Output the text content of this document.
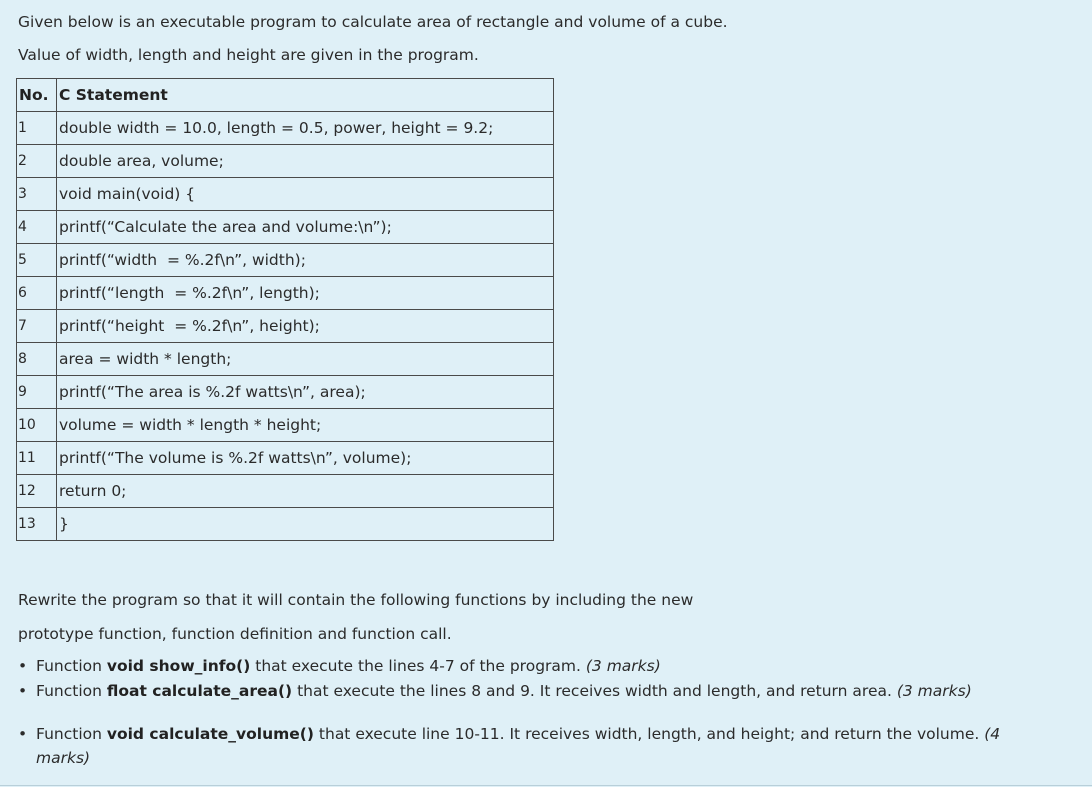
Given below is an executable program to calculate area of rectangle and volume of a cube.
Value of width, length and height are given in the program.
No.	C Statement
1	double width = 10.0, length = 0.5, power, height = 9.2;
2	double area, volume;
3	void main(void) {
4	printf(“Calculate the area and volume:\n”);
5	printf(“width  = %.2f\n”, width);
6	printf(“length  = %.2f\n”, length);
7	printf(“height  = %.2f\n”, height);
8	area = width * length;
9	printf(“The area is %.2f watts\n”, area);
10	volume = width * length * height;
11	printf(“The volume is %.2f watts\n”, volume);
12	return 0;
13	}
Rewrite the program so that it will contain the following functions by including the new
prototype function, function definition and function call.
• Function void show_info() that execute the lines 4-7 of the program. (3 marks)
• Function float calculate_area() that execute the lines 8 and 9. It receives width and length, and return area. (3 marks)
• Function void calculate_volume() that execute line 10-11. It receives width, length, and height; and return the volume. (4 marks)
